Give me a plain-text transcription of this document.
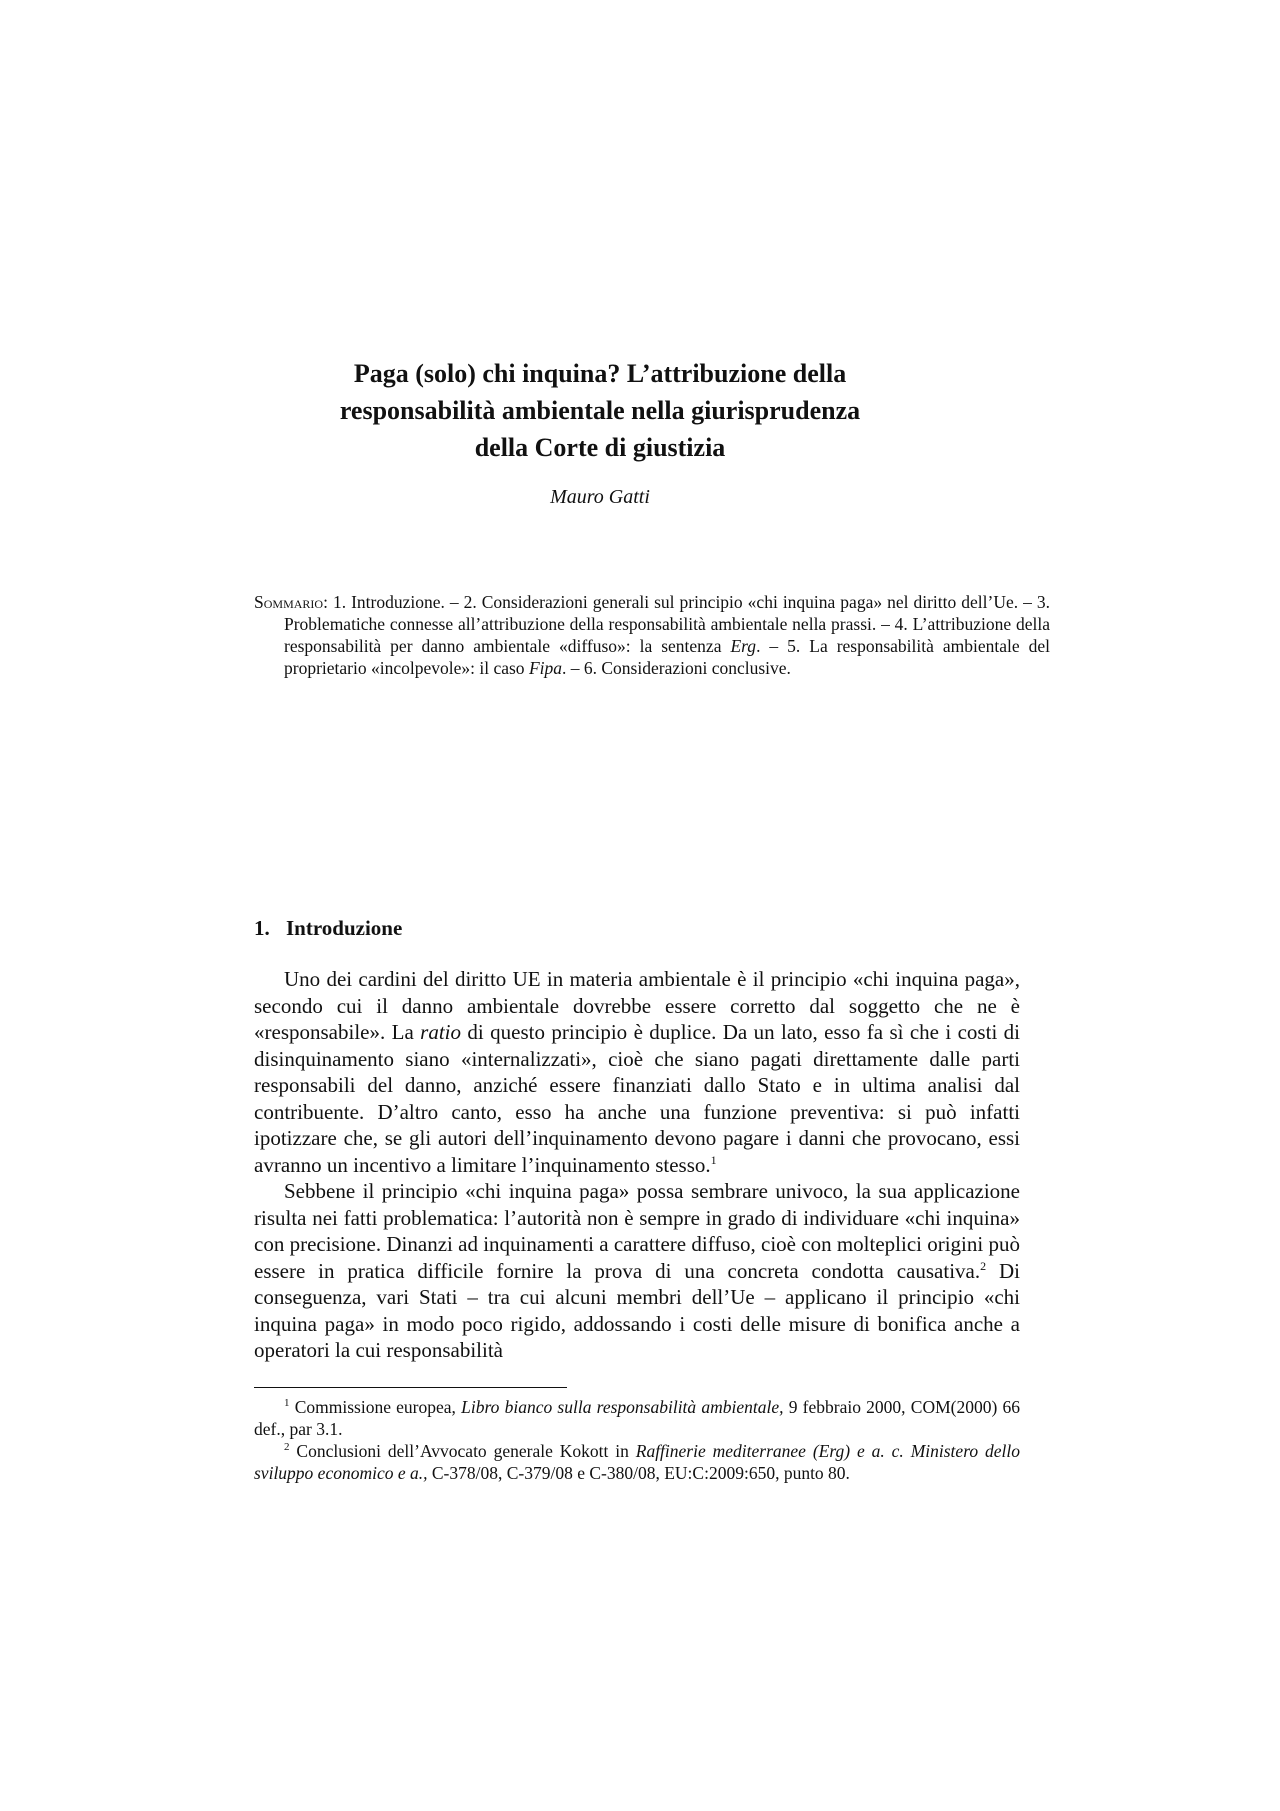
Paga (solo) chi inquina? L’attribuzione della
responsabilità ambientale nella giurisprudenza
della Corte di giustizia
Mauro Gatti
Sommario: 1. Introduzione. – 2. Considerazioni generali sul principio «chi inquina paga» nel diritto dell’Ue. – 3. Problematiche connesse all’attribuzione della responsabilità ambientale nella prassi. – 4. L’attribuzione della responsabilità per danno ambientale «diffuso»: la sentenza Erg. – 5. La responsabilità ambientale del proprietario «incolpevole»: il caso Fipa. – 6. Considerazioni conclusive.
1. Introduzione

Uno dei cardini del diritto UE in materia ambientale è il principio «chi inquina paga», secondo cui il danno ambientale dovrebbe essere corretto dal soggetto che ne è «responsabile». La ratio di questo principio è duplice. Da un lato, esso fa sì che i costi di disinquinamento siano «internalizzati», cioè che siano pagati direttamente dalle parti responsabili del danno, anziché essere finanziati dallo Stato e in ultima analisi dal contribuente. D’altro canto, esso ha anche una funzione preventiva: si può infatti ipotizzare che, se gli autori dell’inquinamento devono pagare i danni che provocano, essi avranno un incentivo a limitare l’inquinamento stesso.$^1$

Sebbene il principio «chi inquina paga» possa sembrare univoco, la sua applicazione risulta nei fatti problematica: l’autorità non è sempre in grado di individuare «chi inquina» con precisione. Dinanzi ad inquinamenti a carattere diffuso, cioè con molteplici origini può essere in pratica difficile fornire la prova di una concreta condotta causativa.$^2$ Di conseguenza, vari Stati – tra cui alcuni membri dell’Ue – applicano il principio «chi inquina paga» in modo poco rigido, addossando i costi delle misure di bonifica anche a operatori la cui responsabilità

$^1$ Commissione europea, Libro bianco sulla responsabilità ambientale, 9 febbraio 2000, COM(2000) 66 def., par 3.1.

$^2$ Conclusioni dell’Avvocato generale Kokott in Raffinerie mediterranee (Erg) e a. c. Ministero dello sviluppo economico e a., C-378/08, C-379/08 e C-380/08, EU:C:2009:650, punto 80.
